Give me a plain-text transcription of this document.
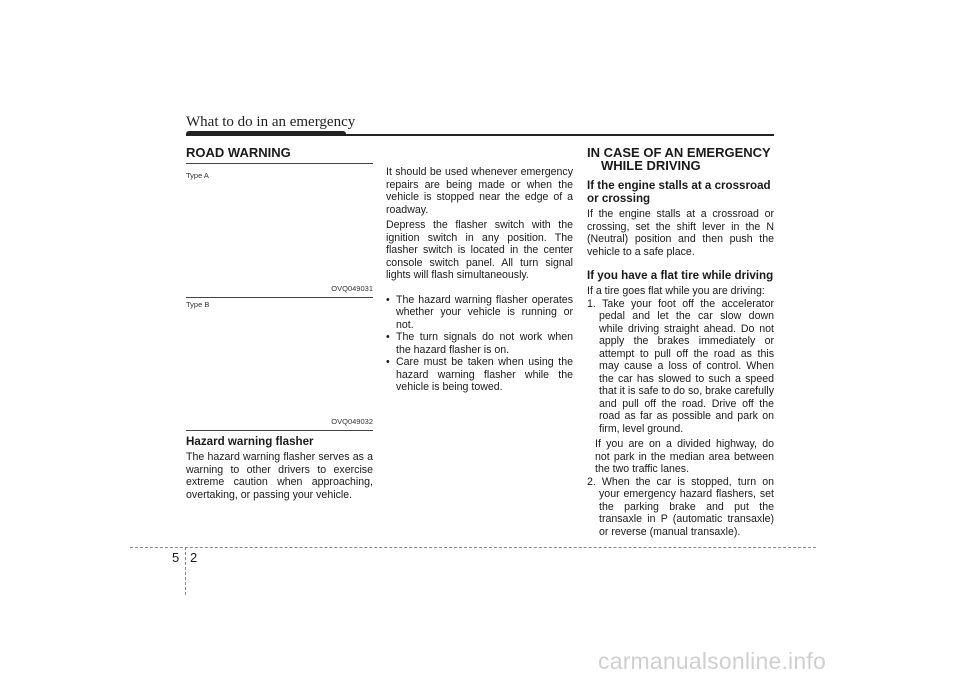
What to do in an emergency
ROAD WARNING
Type A
OVQ049031
Type B
OVQ049032
Hazard warning flasher

The hazard warning flasher serves as a warning to other drivers to exercise extreme caution when approaching, overtaking, or passing your vehicle.

It should be used whenever emergency repairs are being made or when the vehicle is stopped near the edge of a roadway.

Depress the flasher switch with the ignition switch in any position. The flasher switch is located in the center console switch panel. All turn signal lights will flash simultaneously.

• The hazard warning flasher operates whether your vehicle is running or not.
• The turn signals do not work when the hazard flasher is on.
• Care must be taken when using the hazard warning flasher while the vehicle is being towed.
IN CASE OF AN EMERGENCY
WHILE DRIVING
If the engine stalls at a crossroad or crossing

If the engine stalls at a crossroad or crossing, set the shift lever in the N (Neutral) position and then push the vehicle to a safe place.

If you have a flat tire while driving

If a tire goes flat while you are driving:

1. Take your foot off the accelerator pedal and let the car slow down while driving straight ahead. Do not apply the brakes immediately or attempt to pull off the road as this may cause a loss of control. When the car has slowed to such a speed that it is safe to do so, brake carefully and pull off the road. Drive off the road as far as possible and park on firm, level ground.

If you are on a divided highway, do not park in the median area between the two traffic lanes.

2. When the car is stopped, turn on your emergency hazard flashers, set the parking brake and put the transaxle in P (automatic transaxle) or reverse (manual transaxle).
5 2
carmanualsonline.info
